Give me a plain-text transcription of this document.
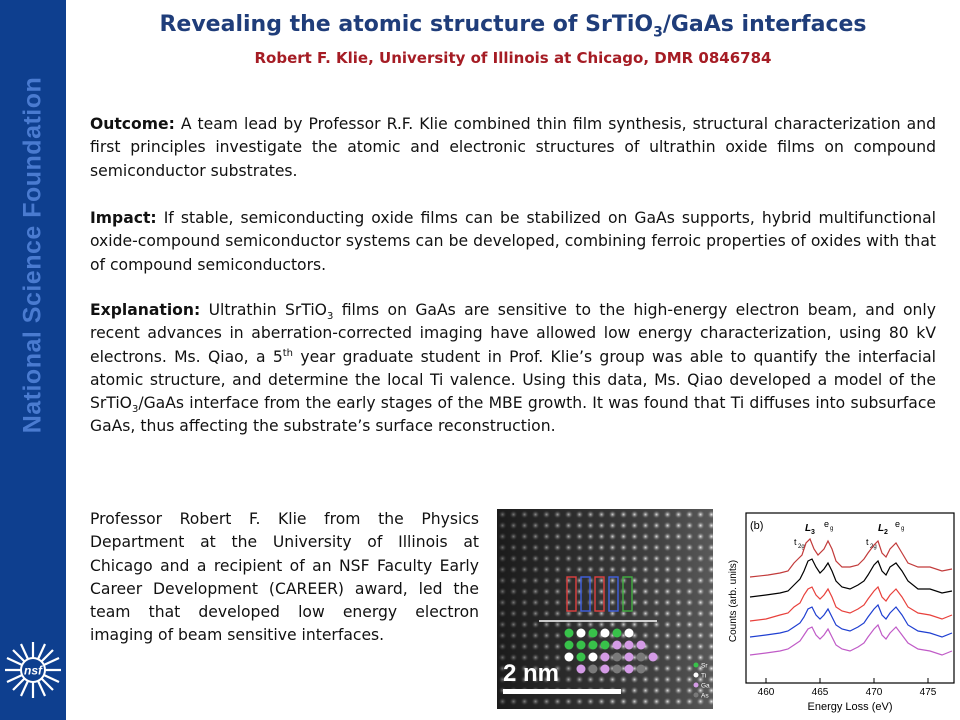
National Science Foundation
nsf
Revealing the atomic structure of SrTiO$_3$/GaAs interfaces
Robert F. Klie, University of Illinois at Chicago, DMR 0846784
Outcome: A team lead by Professor R.F. Klie combined thin film synthesis, structural characterization and first principles investigate the atomic and electronic structures of ultrathin oxide films on compound semiconductor substrates.
Impact: If stable, semiconducting oxide films can be stabilized on GaAs supports, hybrid multifunctional oxide-compound semiconductor systems can be developed, combining ferroic properties of oxides with that of compound semiconductors.
Explanation: Ultrathin SrTiO$_3$ films on GaAs are sensitive to the high-energy electron beam, and only recent advances in aberration-corrected imaging have allowed low energy characterization, using 80 kV electrons. Ms. Qiao, a 5th year graduate student in Prof. Klie’s group was able to quantify the interfacial atomic structure, and determine the local Ti valence. Using this data, Ms. Qiao developed a model of the SrTiO$_3$/GaAs interface from the early stages of the MBE growth. It was found that Ti diffuses into subsurface GaAs, thus affecting the substrate’s surface reconstruction.
Professor Robert F. Klie from the Physics Department at the University of Illinois at Chicago and a recipient of an NSF Faculty Early Career Development (CAREER) award, led the team that developed low energy electron imaging of beam sensitive interfaces.
2 nm	Sr
Ti
Ga
As
(b)	L 3
e g
t 2g
L 2
e g
t 2g
460	465	470	475
Energy Loss (eV)
Counts (arb. units)
